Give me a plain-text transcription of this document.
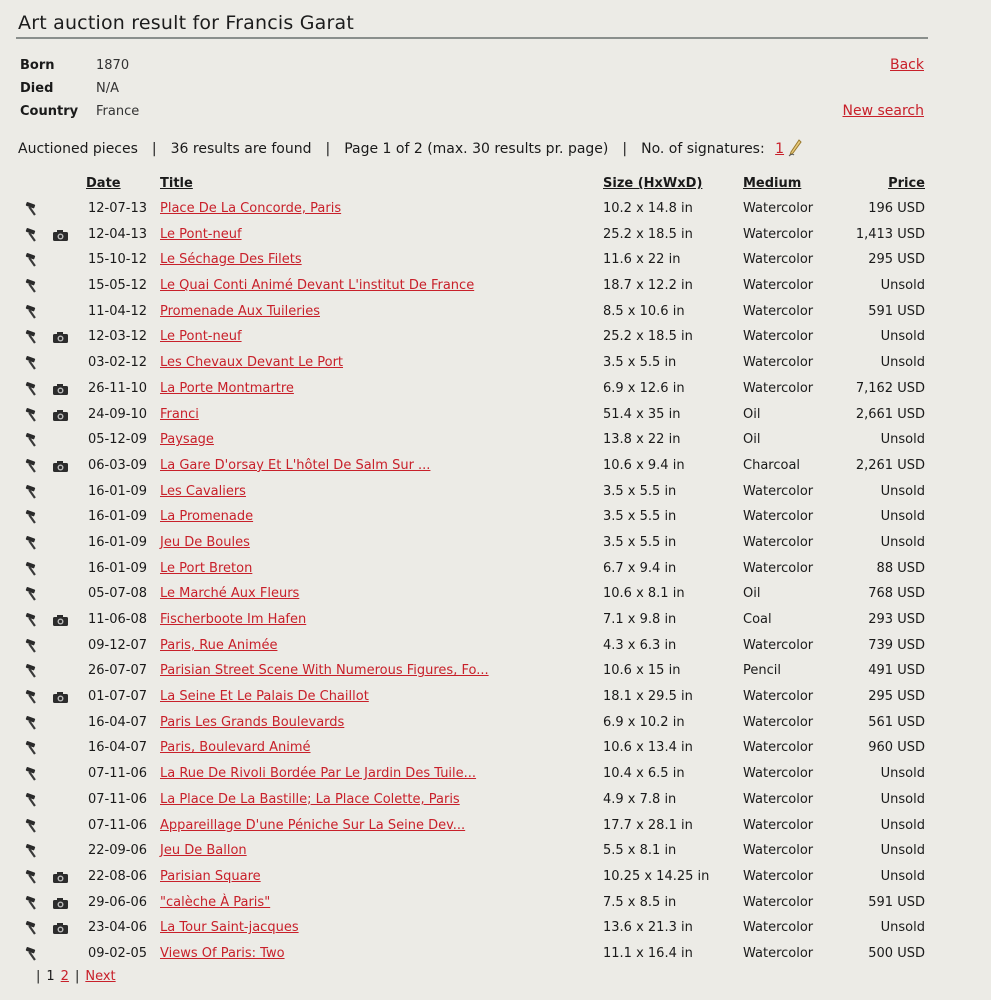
Art auction result for Francis Garat
Born	1870
Died	N/A
Country France
Back
New search
Auctioned pieces | 36 results are found | Page 1 of 2 (max. 30 results pr. page) | No. of signatures: 1
Date	Title	Size (HxWxD)	Medium	Price
12-07-13 Place De La Concorde, Paris	10.2 x 14.8 in	Watercolor	196 USD
12-04-13 Le Pont-neuf	25.2 x 18.5 in	Watercolor	1,413 USD
15-10-12 Le Séchage Des Filets	11.6 x 22 in	Watercolor	295 USD
15-05-12 Le Quai Conti Animé Devant L'institut De France	18.7 x 12.2 in	Watercolor	Unsold
11-04-12 Promenade Aux Tuileries	8.5 x 10.6 in	Watercolor	591 USD
12-03-12 Le Pont-neuf	25.2 x 18.5 in	Watercolor	Unsold
03-02-12 Les Chevaux Devant Le Port	3.5 x 5.5 in	Watercolor	Unsold
26-11-10 La Porte Montmartre	6.9 x 12.6 in	Watercolor	7,162 USD
24-09-10 Franci	51.4 x 35 in	Oil	2,661 USD
05-12-09 Paysage	13.8 x 22 in	Oil	Unsold
06-03-09 La Gare D'orsay Et L'hôtel De Salm Sur ...	10.6 x 9.4 in	Charcoal	2,261 USD
16-01-09 Les Cavaliers	3.5 x 5.5 in	Watercolor	Unsold
16-01-09 La Promenade	3.5 x 5.5 in	Watercolor	Unsold
16-01-09 Jeu De Boules	3.5 x 5.5 in	Watercolor	Unsold
16-01-09 Le Port Breton	6.7 x 9.4 in	Watercolor	88 USD
05-07-08 Le Marché Aux Fleurs	10.6 x 8.1 in	Oil	768 USD
11-06-08 Fischerboote Im Hafen	7.1 x 9.8 in	Coal	293 USD
09-12-07 Paris, Rue Animée	4.3 x 6.3 in	Watercolor	739 USD
26-07-07 Parisian Street Scene With Numerous Figures, Fo...	10.6 x 15 in	Pencil	491 USD
01-07-07 La Seine Et Le Palais De Chaillot	18.1 x 29.5 in	Watercolor	295 USD
16-04-07 Paris Les Grands Boulevards	6.9 x 10.2 in	Watercolor	561 USD
16-04-07 Paris, Boulevard Animé	10.6 x 13.4 in	Watercolor	960 USD
07-11-06 La Rue De Rivoli Bordée Par Le Jardin Des Tuile...	10.4 x 6.5 in	Watercolor	Unsold
07-11-06 La Place De La Bastille; La Place Colette, Paris	4.9 x 7.8 in	Watercolor	Unsold
07-11-06 Appareillage D'une Péniche Sur La Seine Dev...	17.7 x 28.1 in	Watercolor	Unsold
22-09-06 Jeu De Ballon	5.5 x 8.1 in	Watercolor	Unsold
22-08-06 Parisian Square	10.25 x 14.25 in	Watercolor	Unsold
29-06-06 "calèche À Paris"	7.5 x 8.5 in	Watercolor	591 USD
23-04-06 La Tour Saint-jacques	13.6 x 21.3 in	Watercolor	Unsold
09-02-05 Views Of Paris: Two	11.1 x 16.4 in	Watercolor	500 USD
| 1 2 | Next
